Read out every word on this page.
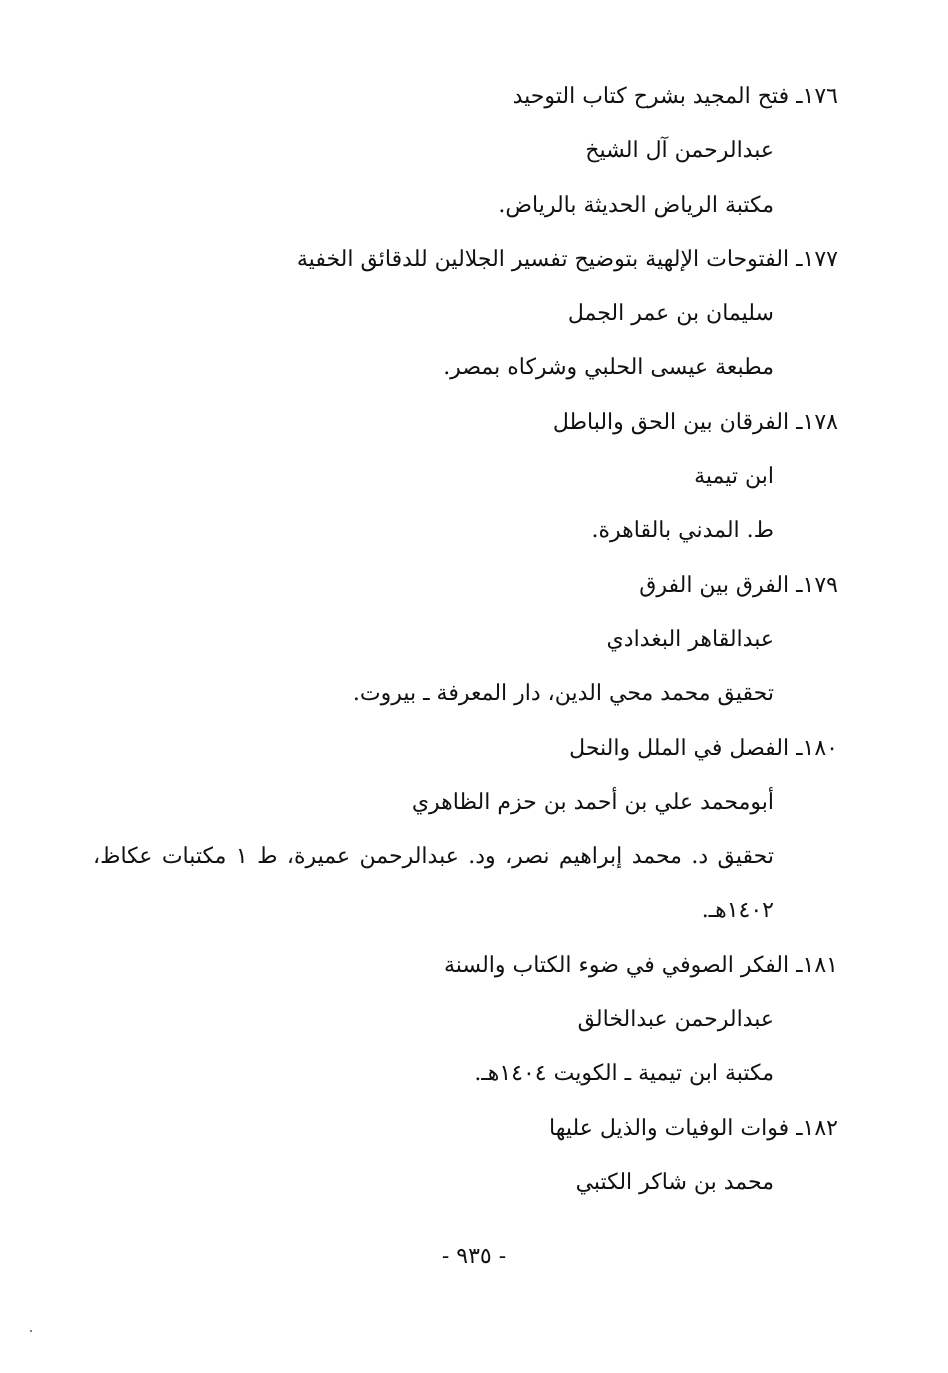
١٧٦ـ فتح المجيد بشرح كتاب التوحيد
عبدالرحمن آل الشيخ
مكتبة الرياض الحديثة بالرياض.
١٧٧ـ الفتوحات الإلهية بتوضيح تفسير الجلالين للدقائق الخفية
سليمان بن عمر الجمل
مطبعة عيسى الحلبي وشركاه بمصر.
١٧٨ـ الفرقان بين الحق والباطل
ابن تيمية
ط. المدني بالقاهرة.
١٧٩ـ الفرق بين الفرق
عبدالقاهر البغدادي
تحقيق محمد محي الدين، دار المعرفة ـ بيروت.
١٨٠ـ الفصل في الملل والنحل
أبومحمد علي بن أحمد بن حزم الظاهري
تحقيق د. محمد إبراهيم نصر، ود. عبدالرحمن عميرة، ط ١ مكتبات عكاظ، ١٤٠٢هـ.
١٨١ـ الفكر الصوفي في ضوء الكتاب والسنة
عبدالرحمن عبدالخالق
مكتبة ابن تيمية ـ الكويت ١٤٠٤هـ.
١٨٢ـ فوات الوفيات والذيل عليها
محمد بن شاكر الكتبي
- ٩٣٥ -
